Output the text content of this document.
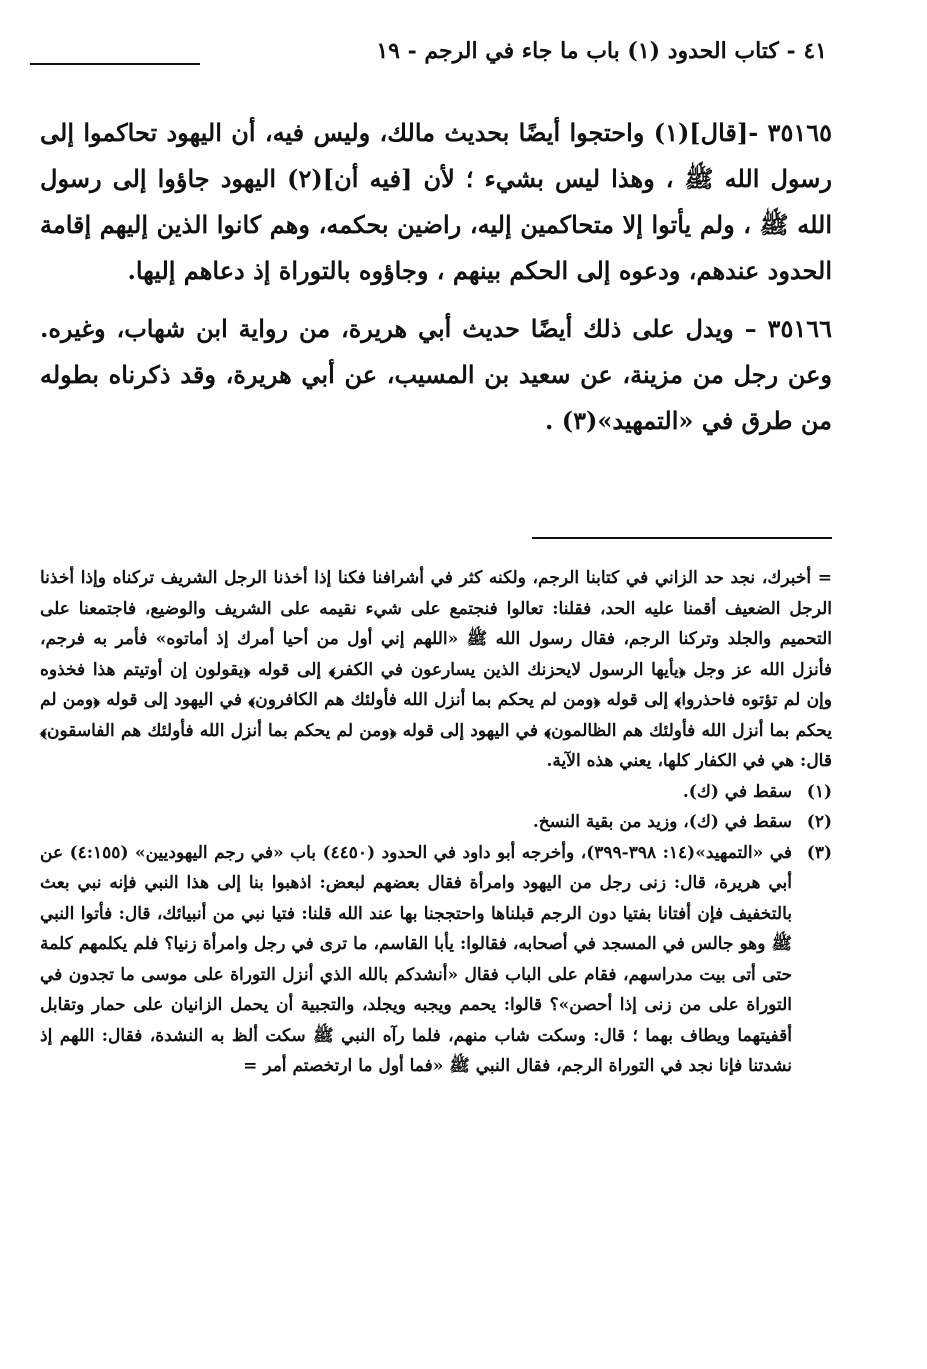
٤١ - كتاب الحدود (١) باب ما جاء في الرجم - ١٩

٣٥١٦٥ -[قال](١) واحتجوا أيضًا بحديث مالك، وليس فيه، أن اليهود تحاكموا إلى رسول الله ﷺ ، وهذا ليس بشيء ؛ لأن [فيه أن](٢) اليهود جاؤوا إلى رسول الله ﷺ ، ولم يأتوا إلا متحاكمين إليه، راضين بحكمه، وهم كانوا الذين إليهم إقامة الحدود عندهم، ودعوه إلى الحكم بينهم ، وجاؤوه بالتوراة إذ دعاهم إليها.

٣٥١٦٦ – ويدل على ذلك أيضًا حديث أبي هريرة، من رواية ابن شهاب، وغيره. وعن رجل من مزينة، عن سعيد بن المسيب، عن أبي هريرة، وقد ذكرناه بطوله من طرق في «التمهيد»(٣) .

= أخبرك، نجد حد الزاني في كتابنا الرجم، ولكنه كثر في أشرافنا فكنا إذا أخذنا الرجل الشريف تركناه وإذا أخذنا الرجل الضعيف أقمنا عليه الحد، فقلنا: تعالوا فنجتمع على شيء نقيمه على الشريف والوضيع، فاجتمعنا على التحميم والجلد وتركنا الرجم، فقال رسول الله ﷺ «اللهم إني أول من أحيا أمرك إذ أماتوه» فأمر به فرجم، فأنزل الله عز وجل ﴿يأيها الرسول لايحزنك الذين يسارعون في الكفر﴾ إلى قوله ﴿يقولون إن أوتيتم هذا فخذوه وإن لم تؤتوه فاحذروا﴾ إلى قوله ﴿ومن لم يحكم بما أنزل الله فأولئك هم الكافرون﴾ في اليهود إلى قوله ﴿ومن لم يحكم بما أنزل الله فأولئك هم الظالمون﴾ في اليهود إلى قوله ﴿ومن لم يحكم بما أنزل الله فأولئك هم الفاسقون﴾ قال: هي في الكفار كلها، يعني هذه الآية.

(١)
سقط في (ك).
(٢)
سقط في (ك)، وزيد من بقية النسخ.
(٣)
في «التمهيد»(١٤: ٣٩٨-٣٩٩)، وأخرجه أبو داود في الحدود (٤٤٥٠) باب «في رجم اليهوديين» (٤:١٥٥) عن أبي هريرة، قال: زنى رجل من اليهود وامرأة فقال بعضهم لبعض: اذهبوا بنا إلى هذا النبي فإنه نبي بعث بالتخفيف فإن أفتانا بفتيا دون الرجم قبلناها واحتججنا بها عند الله قلنا: فتيا نبي من أنبيائك، قال: فأتوا النبي ﷺ وهو جالس في المسجد في أصحابه، فقالوا: يأبا القاسم، ما ترى في رجل وامرأة زنيا؟ فلم يكلمهم كلمة حتى أتى بيت مدراسهم، فقام على الباب فقال «أنشدكم بالله الذي أنزل التوراة على موسى ما تجدون في التوراة على من زنى إذا أحصن»؟ قالوا: يحمم ويجبه ويجلد، والتجبية أن يحمل الزانيان على حمار وتقابل أقفيتهما ويطاف بهما ؛ قال: وسكت شاب منهم، فلما رآه النبي ﷺ سكت ألظ به النشدة، فقال: اللهم إذ نشدتنا فإنا نجد في التوراة الرجم، فقال النبي ﷺ «فما أول ما ارتخصتم أمر =
